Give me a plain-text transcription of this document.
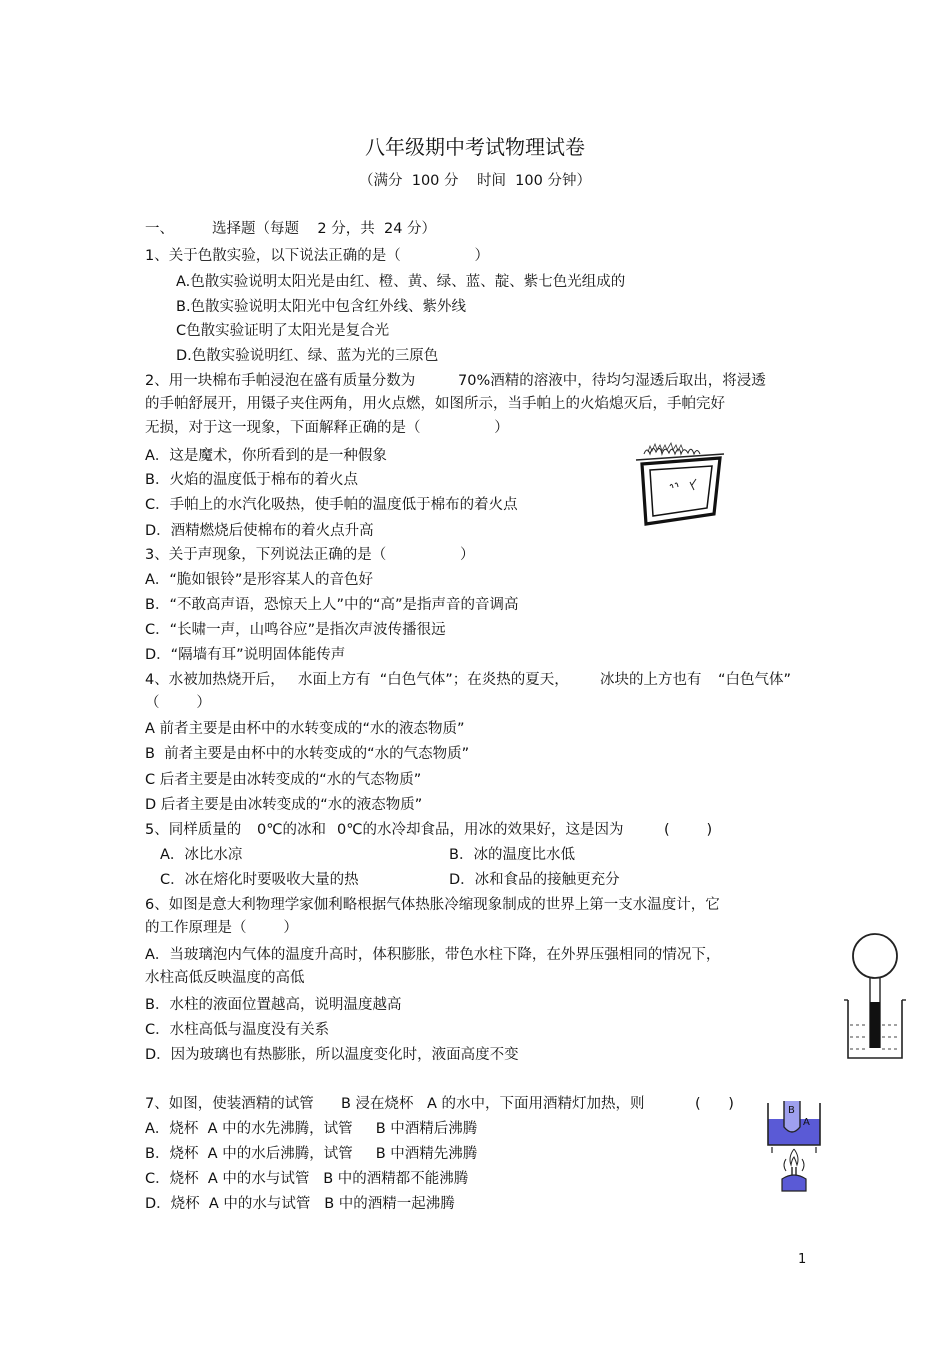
八年级期中考试物理试卷
（满分  100 分    时间  100 分钟）
一、	选择题（每题    2 分，共  24 分）
1、关于色散实验，以下说法正确的是（                ）
A.色散实验说明太阳光是由红、橙、黄、绿、蓝、靛、紫七色光组成的
B.色散实验说明太阳光中包含红外线、紫外线
C色散实验证明了太阳光是复合光
D.色散实验说明红、绿、蓝为光的三原色
2、用一块棉布手帕浸泡在盛有质量分数为	70%酒精的溶液中，待均匀湿透后取出，将浸透
的手帕舒展开，用镊子夹住两角，用火点燃，如图所示，当手帕上的火焰熄灭后，手帕完好
无损，对于这一现象，下面解释正确的是（                ）
A．这是魔术，你所看到的是一种假象
B．火焰的温度低于棉布的着火点
C．手帕上的水汽化吸热，使手帕的温度低于棉布的着火点
D．酒精燃烧后使棉布的着火点升高
3、关于声现象，下列说法正确的是（                ）
A．“脆如银铃”是形容某人的音色好
B．“不敢高声语，恐惊天上人”中的“高”是指声音的音调高
C．“长啸一声，山鸣谷应”是指次声波传播很远
D．“隔墙有耳”说明固体能传声
4、水被加热烧开后， 水面上方有  “白色气体”；在炎热的夏天， 冰块的上方也有 “白色气体”
（        ）
A 前者主要是由杯中的水转变成的“水的液态物质”
B  前者主要是由杯中的水转变成的“水的气态物质”
C 后者主要是由冰转变成的“水的气态物质”
D 后者主要是由冰转变成的“水的液态物质”
5、同样质量的 0℃的冰和 0℃的水冷却食品，用冰的效果好，这是因为	(        )
A．冰比水凉	B．冰的温度比水低
C．冰在熔化时要吸收大量的热	D．冰和食品的接触更充分
6、如图是意大利物理学家伽利略根据气体热胀冷缩现象制成的世界上第一支水温度计，它
的工作原理是（        ）
A．当玻璃泡内气体的温度升高时，体积膨胀，带色水柱下降，在外界压强相同的情况下，
水柱高低反映温度的高低
B．水柱的液面位置越高，说明温度越高
C．水柱高低与温度没有关系
D．因为玻璃也有热膨胀，所以温度变化时，液面高度不变
7、如图，使装酒精的试管 B 浸在烧杯 A 的水中，下面用酒精灯加热，则	(      )
A．烧杯  A 中的水先沸腾，试管     B 中酒精后沸腾
B．烧杯  A 中的水后沸腾，试管     B 中酒精先沸腾
C．烧杯  A 中的水与试管   B 中的酒精都不能沸腾
D．烧杯  A 中的水与试管   B 中的酒精一起沸腾
B
A
1
